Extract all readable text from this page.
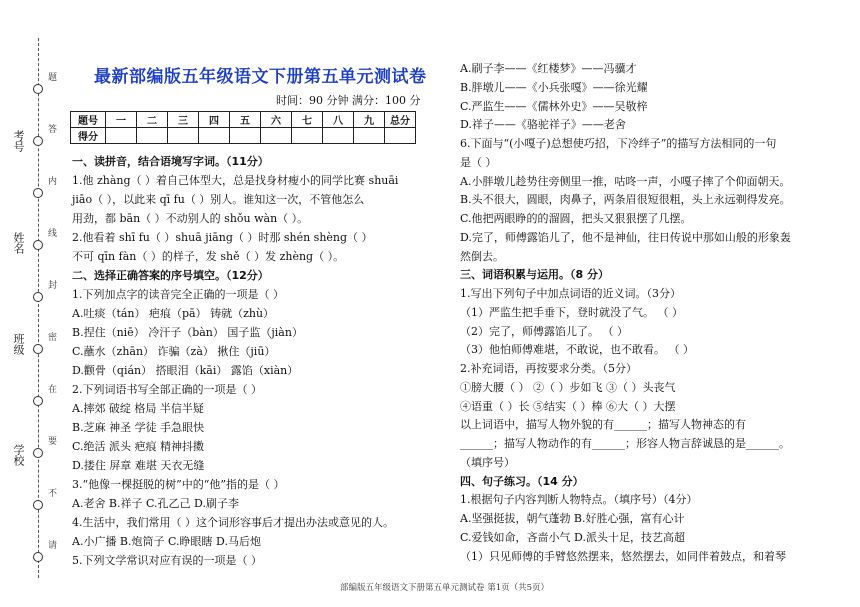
考号
姓名
班级
学校
题
答
内
线
封
密
在
要
不
请
最新部编版五年级语文下册第五单元测试卷
时间：90 分钟 满分：100 分
题号	一	二	三	四	五	六	七	八	九	总分
得分										
一、读拼音，结合语境写字词。（11分）
1.他 zhàng（ ）着自己体型大，总是找身材瘦小的同学比赛 shuāi
jiāo（ ），以此来 qī fu（ ）别人。谁知这一次，不管他怎么
用劲，都 bān（ ）不动别人的 shǒu wàn（ ）。
2.他看着 shī fu（ ）shuā jiāng（ ）时那 shén shèng（ ）
不可 qīn fàn（ ）的样子，发 shě（ ）发 zhèng（ ）。
二、选择正确答案的序号填空。（12分）
1.下列加点字的读音完全正确的一项是（ ）
A.吐痰（tán） 疤痕（pā） 铸就（zhù）
B.捏住（niē） 冷汗子（bàn） 国子监（jiàn）
C.蘸水（zhān） 诈骗（zà） 揪住（jiū）
D.颧骨（qián） 搭眼泪（kāi） 露馅（xiàn）
2.下列词语书写全部正确的一项是（ ）
A.摔郊 破绽 格局 半信半疑
B.芝麻 神圣 学徒 手急眼快
C.绝活 派头 疤痕 精神抖擞
D.搂住 屏章 难堪 天衣无缝
3.“他像一棵挺脱的树”中的“他”指的是（ ）
A.老舍 B.祥子 C.孔乙己 D.刷子李
4.生活中，我们常用（ ）这个词形容事后才提出办法或意见的人。
A.小广播 B.炮筒子 C.睁眼瞎 D.马后炮
5.下列文学常识对应有误的一项是（ ）
A.刷子李——《红楼梦》——冯骥才
B.胖墩儿——《小兵张嘎》——徐光耀
C.严监生——《儒林外史》——吴敬梓
D.祥子——《骆驼祥子》——老舍
6.下面与“(小嘎子)总想使巧招，下冷绊子”的描写方法相同的一句
是（ ）
A.小胖墩儿趁势往旁侧里一推，咕咚一声，小嘎子摔了个仰面朝天。
B.头不很大，圆眼，肉鼻子，两条眉很短很粗，头上永远剃得发亮。
C.他把两眼睁的的溜圆，把头又狠狠摆了几摆。
D.完了，师傅露馅儿了，他不是神仙，往日传说中那如山般的形象轰
然倒去。
三、词语积累与运用。（8 分）
1.写出下列句子中加点词语的近义词。（3分）
（1）严监生把手垂下，登时就没了气。 （ ）
（2）完了，师傅露馅儿了。 （ ）
（3）他怕师傅难堪，不敢说，也不敢看。 （ ）
2.补充词语，再按要求分类。（5分）
①膀大腰（ ） ②（ ）步如飞 ③（ ）头丧气
④语重（ ）长 ⑤结实（ ）棒 ⑥大（ ）大摆
以上词语中，描写人物外貌的有______；描写人物神态的有
______；描写人物动作的有______；形容人物言辞诚恳的是______。
（填序号）
四、句子练习。（14 分）
1.根据句子内容判断人物特点。（填序号）（4分）
A.坚强挺拔，朝气蓬勃 B.好胜心强，富有心计
C.爱钱如命，吝啬小气 D.派头十足，技艺高超
（1）只见师傅的手臂悠然摆来，悠然摆去，如同伴着鼓点，和着琴
部编版五年级语文下册第五单元测试卷 第1页（共5页）
